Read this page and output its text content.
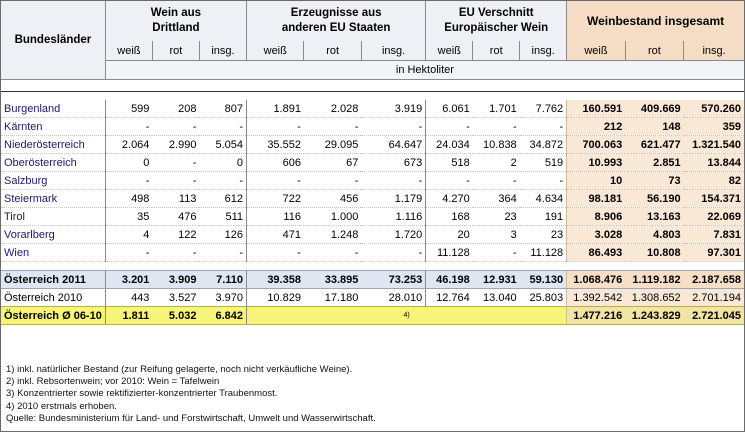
Bundesländer	Wein aus
Drittland			Erzeugnisse aus
anderen EU Staaten			EU Verschnitt
Europäischer Wein			Weinbestand insgesamt		
	weiß	rot	insg.	weiß	rot	insg.	weiß	rot	insg.	weiß	rot	insg.
	in Hektoliter											

Burgenland	599	208	807	1.891	2.028	3.919	6.061	1.701	7.762	160.591	409.669	570.260
Kärnten	-	-	-	-	-	-	-	-	-	212	148	359
Niederösterreich	2.064	2.990	5.054	35.552	29.095	64.647	24.034	10.838	34.872	700.063	621.477	1.321.540
Oberösterreich	0	-	0	606	67	673	518	2	519	10.993	2.851	13.844
Salzburg	-	-	-	-	-	-	-	-	-	10	73	82
Steiermark	498	113	612	722	456	1.179	4.270	364	4.634	98.181	56.190	154.371
Tirol	35	476	511	116	1.000	1.116	168	23	191	8.906	13.163	22.069
Vorarlberg	4	122	126	471	1.248	1.720	20	3	23	3.028	4.803	7.831
Wien	-	-	-	-	-	-	11.128	-	11.128	86.493	10.808	97.301

Österreich 2011	3.201	3.909	7.110	39.358	33.895	73.253	46.198	12.931	59.130	1.068.476	1.119.182	2.187.658
Österreich 2010	443	3.527	3.970	10.829	17.180	28.010	12.764	13.040	25.803	1.392.542	1.308.652	2.701.194
Österreich Ø 06-10	1.811	5.032	6.842	$^{4)}$						1.477.216	1.243.829	2.721.045
1) inkl. natürlicher Bestand (zur Reifung gelagerte, noch nicht verkäufliche Weine).
2) inkl. Rebsortenwein; vor 2010: Wein = Tafelwein
3) Konzentrierter sowie rektifizierter-konzentrierter Traubenmost.
4) 2010 erstmals erhoben.
Quelle: Bundesministerium für Land- und Forstwirtschaft, Umwelt und Wasserwirtschaft.
